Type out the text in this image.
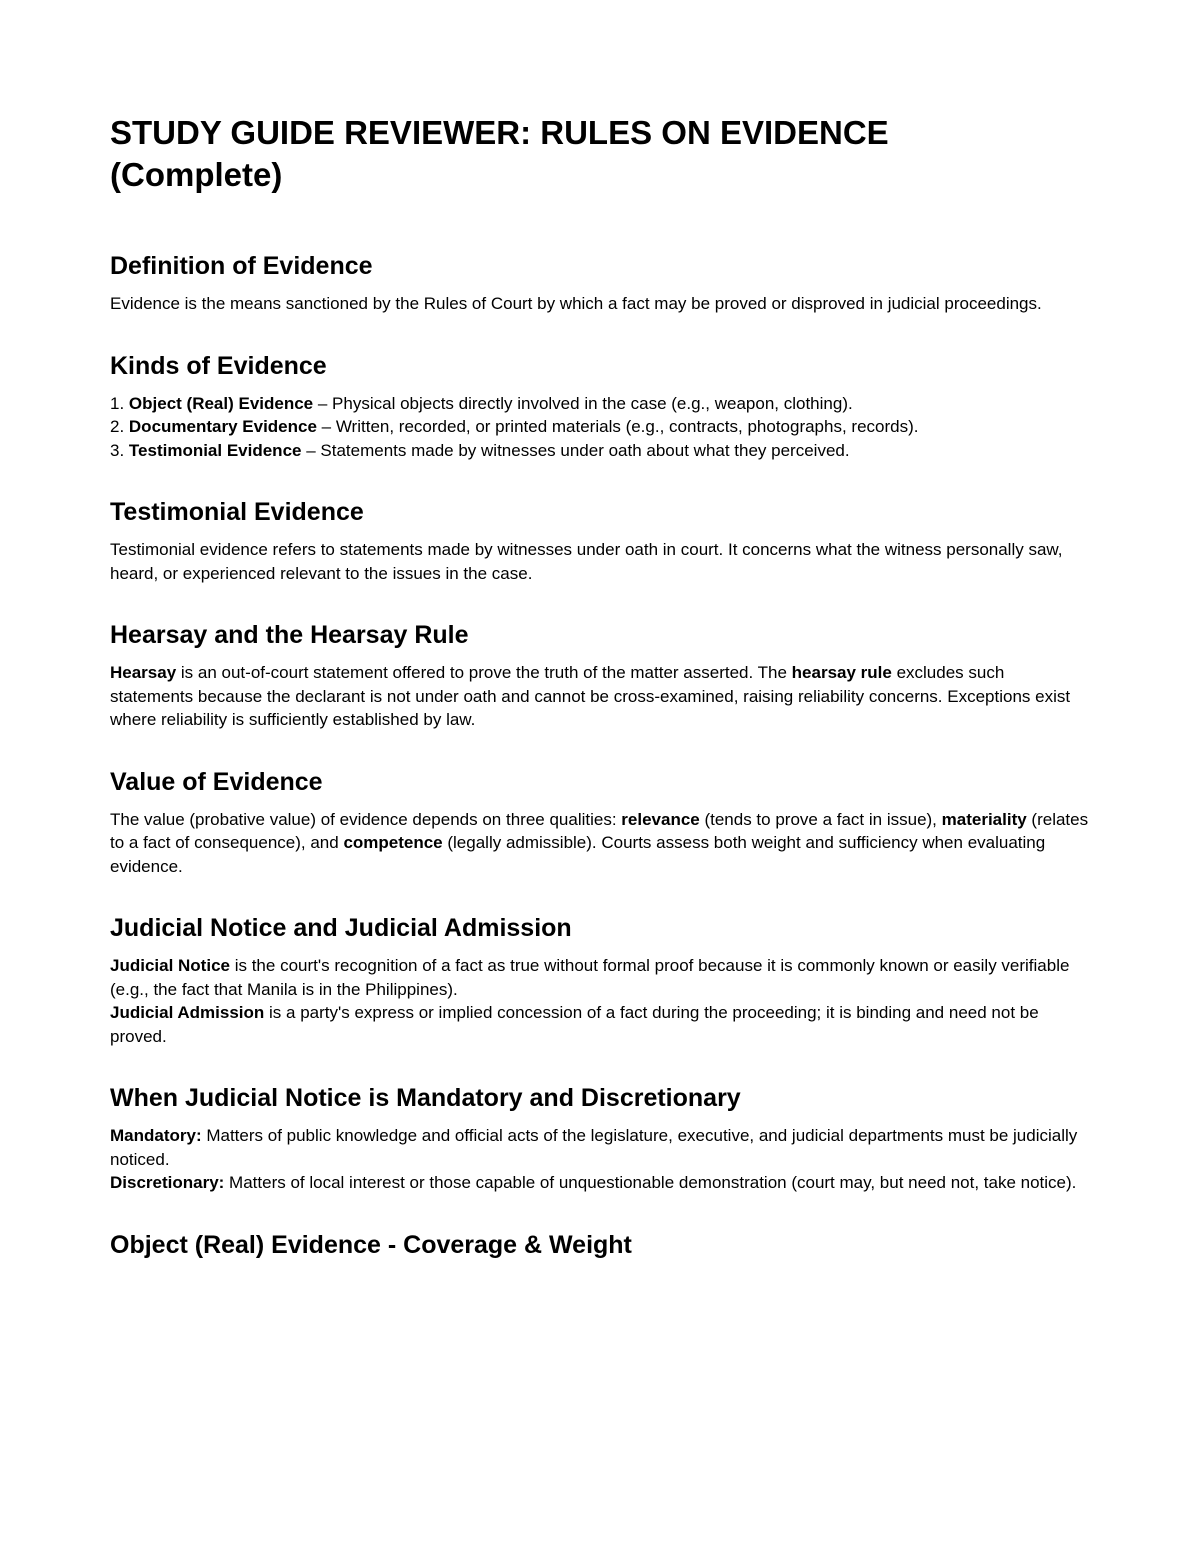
STUDY GUIDE REVIEWER: RULES ON EVIDENCE
(Complete)
Definition of Evidence
Evidence is the means sanctioned by the Rules of Court by which a fact may be proved or disproved in judicial proceedings.
Kinds of Evidence
1. Object (Real) Evidence – Physical objects directly involved in the case (e.g., weapon, clothing).
2. Documentary Evidence – Written, recorded, or printed materials (e.g., contracts, photographs, records).
3. Testimonial Evidence – Statements made by witnesses under oath about what they perceived.
Testimonial Evidence
Testimonial evidence refers to statements made by witnesses under oath in court. It concerns what the witness personally saw, heard, or experienced relevant to the issues in the case.
Hearsay and the Hearsay Rule
Hearsay is an out-of-court statement offered to prove the truth of the matter asserted. The hearsay rule excludes such statements because the declarant is not under oath and cannot be cross-examined, raising reliability concerns. Exceptions exist where reliability is sufficiently established by law.
Value of Evidence
The value (probative value) of evidence depends on three qualities: relevance (tends to prove a fact in issue), materiality (relates to a fact of consequence), and competence (legally admissible). Courts assess both weight and sufficiency when evaluating evidence.
Judicial Notice and Judicial Admission
Judicial Notice is the court's recognition of a fact as true without formal proof because it is commonly known or easily verifiable (e.g., the fact that Manila is in the Philippines).
Judicial Admission is a party's express or implied concession of a fact during the proceeding; it is binding and need not be proved.
When Judicial Notice is Mandatory and Discretionary
Mandatory: Matters of public knowledge and official acts of the legislature, executive, and judicial departments must be judicially noticed.
Discretionary: Matters of local interest or those capable of unquestionable demonstration (court may, but need not, take notice).
Object (Real) Evidence - Coverage & Weight
